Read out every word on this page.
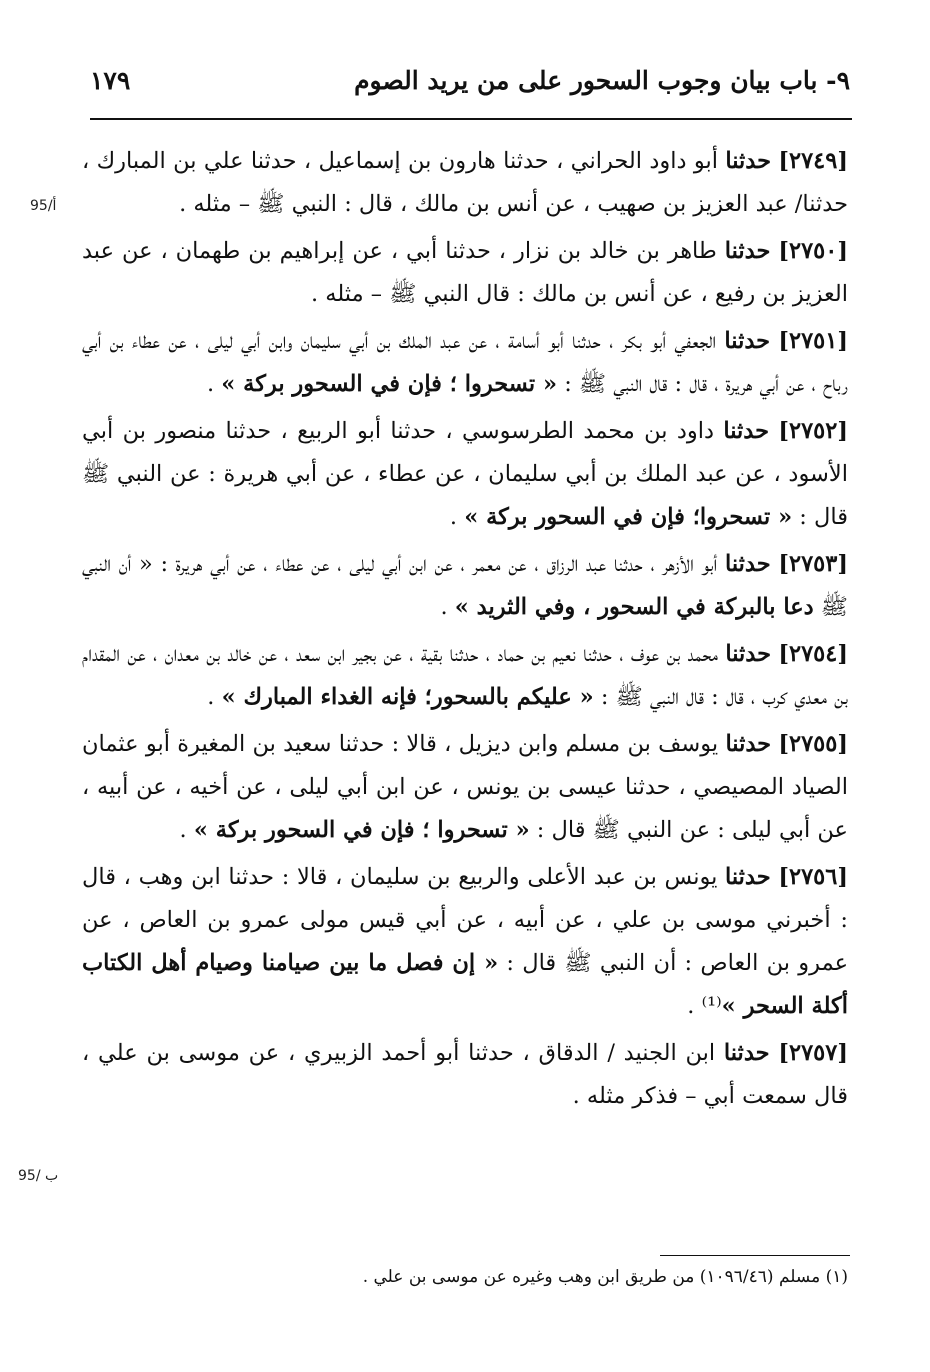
٩- باب بيان وجوب السحور على من يريد الصوم
١٧٩
95/أ
95/ ب

[٢٧٤٩] حدثنا أبو داود الحراني ، حدثنا هارون بن إسماعيل ، حدثنا علي بن المبارك ، حدثنا/ عبد العزيز بن صهيب ، عن أنس بن مالك ، قال : النبي ﷺ – مثله .

[٢٧٥٠] حدثنا طاهر بن خالد بن نزار ، حدثنا أبي ، عن إبراهيم بن طهمان ، عن عبد العزيز بن رفيع ، عن أنس بن مالك : قال النبي ﷺ – مثله .

[٢٧٥١] حدثنا الجعفي أبو بكر ، حدثنا أبو أسامة ، عن عبد الملك بن أبي سليمان وابن أبي ليلى ، عن عطاء بن أبي رباح ، عن أبي هريرة ، قال : قال النبي ﷺ : « تسحروا ؛ فإن في السحور بركة » .

[٢٧٥٢] حدثنا داود بن محمد الطرسوسي ، حدثنا أبو الربيع ، حدثنا منصور بن أبي الأسود ، عن عبد الملك بن أبي سليمان ، عن عطاء ، عن أبي هريرة : عن النبي ﷺ قال : « تسحروا؛ فإن في السحور بركة » .

[٢٧٥٣] حدثنا أبو الأزهر ، حدثنا عبد الرزاق ، عن معمر ، عن ابن أبي ليلى ، عن عطاء ، عن أبي هريرة : « أن النبي ﷺ دعا بالبركة في السحور ، وفي الثريد » .

[٢٧٥٤] حدثنا محمد بن عوف ، حدثنا نعيم بن حماد ، حدثنا بقية ، عن بجير ابن سعد ، عن خالد بن معدان ، عن المقدام بن معدي كرب ، قال : قال النبي ﷺ : « عليكم بالسحور؛ فإنه الغداء المبارك » .

[٢٧٥٥] حدثنا يوسف بن مسلم وابن ديزيل ، قالا : حدثنا سعيد بن المغيرة أبو عثمان الصياد المصيصي ، حدثنا عيسى بن يونس ، عن ابن أبي ليلى ، عن أخيه ، عن أبيه ، عن أبي ليلى : عن النبي ﷺ قال : « تسحروا ؛ فإن في السحور بركة » .

[٢٧٥٦] حدثنا يونس بن عبد الأعلى والربيع بن سليمان ، قالا : حدثنا ابن وهب ، قال : أخبرني موسى بن علي ، عن أبيه ، عن أبي قيس مولى عمرو بن العاص ، عن عمرو بن العاص : أن النبي ﷺ قال : « إن فصل ما بين صيامنا وصيام أهل الكتاب أكلة السحر »⁽¹⁾ .

[٢٧٥٧] حدثنا ابن الجنيد / الدقاق ، حدثنا أبو أحمد الزبيري ، عن موسى بن علي ، قال سمعت أبي – فذكر مثله .

(١) مسلم (١٠٩٦/٤٦) من طريق ابن وهب وغيره عن موسى بن علي .
